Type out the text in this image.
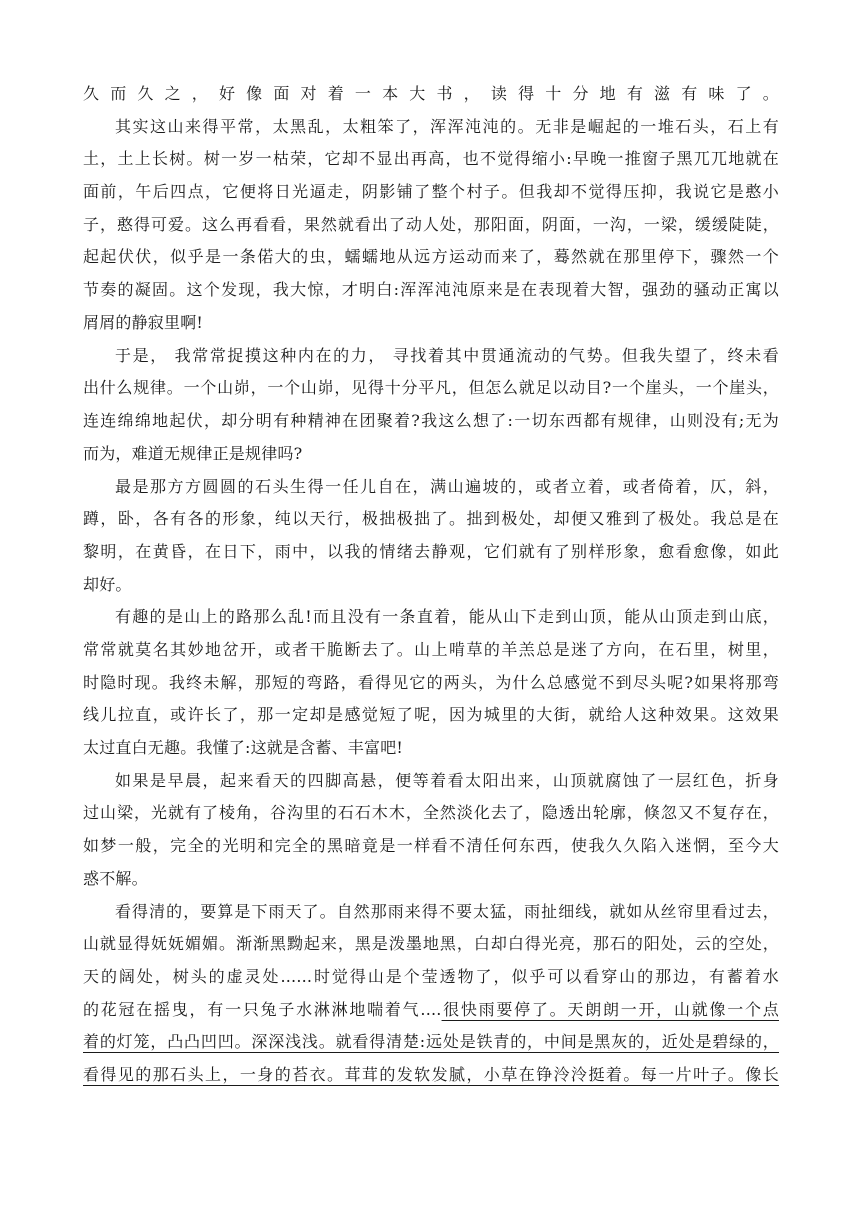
久而久之，好像面对着一本大书，读得十分地有滋有味了。
其实这山来得平常，太黑乱，太粗笨了，浑浑沌沌的。无非是崛起的一堆石头，石上有
土，土上长树。树一岁一枯荣，它却不显出再高，也不觉得缩小:早晚一推窗子黑兀兀地就在
面前，午后四点，它便将日光逼走，阴影铺了整个村子。但我却不觉得压抑，我说它是憨小
子，憨得可爱。这么再看看，果然就看出了动人处，那阳面，阴面，一沟，一梁，缓缓陡陡，
起起伏伏，似乎是一条偌大的虫，蠕蠕地从远方运动而来了，蓦然就在那里停下，骤然一个
节奏的凝固。这个发现，我大惊，才明白:浑浑沌沌原来是在表现着大智，强劲的骚动正寓以
屑屑的静寂里啊!
于是， 我常常捉摸这种内在的力， 寻找着其中贯通流动的气势。但我失望了，终未看
出什么规律。一个山峁，一个山峁，见得十分平凡，但怎么就足以动目?一个崖头，一个崖头，
连连绵绵地起伏，却分明有种精神在团聚着?我这么想了:一切东西都有规律，山则没有;无为
而为，难道无规律正是规律吗?
最是那方方圆圆的石头生得一任儿自在，满山遍坡的，或者立着，或者倚着，仄，斜，
蹲，卧，各有各的形象，纯以天行，极拙极拙了。拙到极处，却便又雅到了极处。我总是在
黎明，在黄昏，在日下，雨中，以我的情绪去静观，它们就有了别样形象，愈看愈像，如此
却好。
有趣的是山上的路那么乱!而且没有一条直着，能从山下走到山顶，能从山顶走到山底，
常常就莫名其妙地岔开，或者干脆断去了。山上啃草的羊羔总是迷了方向，在石里，树里，
时隐时现。我终未解，那短的弯路，看得见它的两头，为什么总感觉不到尽头呢?如果将那弯
线儿拉直，或许长了，那一定却是感觉短了呢，因为城里的大街，就给人这种效果。这效果
太过直白无趣。我懂了:这就是含蓄、丰富吧!
如果是早晨，起来看天的四脚高悬，便等着看太阳出来，山顶就腐蚀了一层红色，折身
过山梁，光就有了棱角，谷沟里的石石木木，全然淡化去了，隐透出轮廓，倏忽又不复存在，
如梦一般，完全的光明和完全的黑暗竟是一样看不清任何东西，使我久久陷入迷惘，至今大
惑不解。
看得清的，要算是下雨天了。自然那雨来得不要太猛，雨扯细线，就如从丝帘里看过去，
山就显得妩妩媚媚。渐渐黑黝起来，黑是泼墨地黑，白却白得光亮，那石的阳处，云的空处，
天的阔处，树头的虚灵处......时觉得山是个莹透物了，似乎可以看穿山的那边，有蓄着水
的花冠在摇曳，有一只兔子水淋淋地喘着气....很快雨要停了。天朗朗一开，山就像一个点
着的灯笼，凸凸凹凹。深深浅浅。就看得清楚:远处是铁青的，中间是黑灰的，近处是碧绿的，
看得见的那石头上，一身的苔衣。茸茸的发软发腻，小草在铮泠泠挺着。每一片叶子。像长
